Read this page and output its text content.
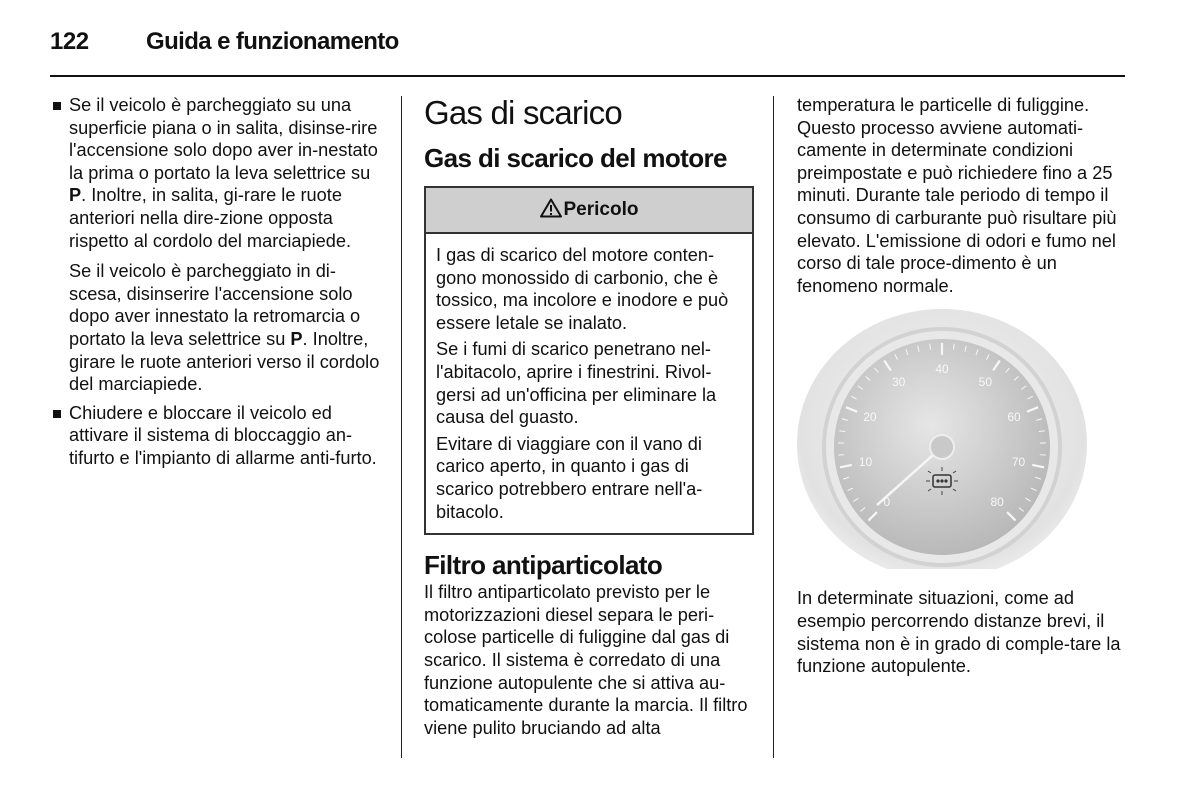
122 Guida e funzionamento

Se il veicolo è parcheggiato su una superficie piana o in salita, disinse-rire l'accensione solo dopo aver in-nestato la prima o portato la leva selettrice su P. Inoltre, in salita, gi-rare le ruote anteriori nella dire-zione opposta rispetto al cordolo del marciapiede.

Se il veicolo è parcheggiato in di-scesa, disinserire l'accensione solo dopo aver innestato la retromarcia o portato la leva selettrice su P. Inoltre, girare le ruote anteriori verso il cordolo del marciapiede.

Chiudere e bloccare il veicolo ed attivare il sistema di bloccaggio an-tifurto e l'impianto di allarme anti-furto.

Gas di scarico
Gas di scarico del motore
Pericolo

I gas di scarico del motore conten-gono monossido di carbonio, che è tossico, ma incolore e inodore e può essere letale se inalato.

Se i fumi di scarico penetrano nel-l'abitacolo, aprire i finestrini. Rivol-gersi ad un'officina per eliminare la causa del guasto.

Evitare di viaggiare con il vano di carico aperto, in quanto i gas di scarico potrebbero entrare nell'a-bitacolo.

Filtro antiparticolato

Il filtro antiparticolato previsto per le motorizzazioni diesel separa le peri-colose particelle di fuliggine dal gas di scarico. Il sistema è corredato di una funzione autopulente che si attiva au-tomaticamente durante la marcia. Il filtro viene pulito bruciando ad alta

temperatura le particelle di fuliggine. Questo processo avviene automati-camente in determinate condizioni preimpostate e può richiedere fino a 25 minuti. Durante tale periodo di tempo il consumo di carburante può risultare più elevato. L'emissione di odori e fumo nel corso di tale proce-dimento è un fenomeno normale.

0
10
20
30
40
50
60
70
80

In determinate situazioni, come ad esempio percorrendo distanze brevi, il sistema non è in grado di comple-tare la funzione autopulente.
